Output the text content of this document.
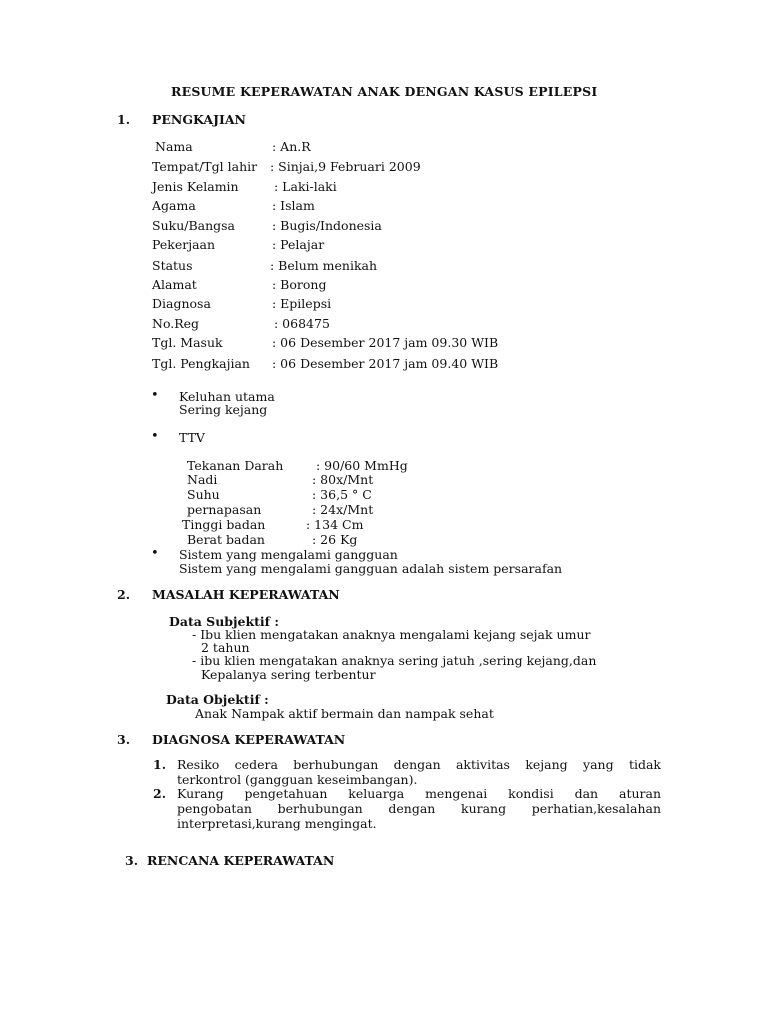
RESUME KEPERAWATAN ANAK DENGAN KASUS EPILEPSI
1.	PENGKAJIAN
Nama	: An.R
Tempat/Tgl lahir : Sinjai,9 Februari 2009
Jenis Kelamin	: Laki-laki
Agama	: Islam
Suku/Bangsa	: Bugis/Indonesia
Pekerjaan	: Pelajar
Status	: Belum menikah
Alamat	: Borong
Diagnosa	: Epilepsi
No.Reg	: 068475
Tgl. Masuk	: 06 Desember 2017 jam 09.30 WIB
Tgl. Pengkajian : 06 Desember 2017 jam 09.40 WIB
• Keluhan utama
Sering kejang
• TTV
Tekanan Darah	: 90/60 MmHg
Nadi	: 80x/Mnt
Suhu	: 36,5 ° C
pernapasan	: 24x/Mnt
Tinggi badan	: 134 Cm
Berat badan	: 26 Kg
• Sistem yang mengalami gangguan
Sistem yang mengalami gangguan adalah sistem persarafan
2.	MASALAH KEPERAWATAN
Data Subjektif :
- Ibu klien mengatakan anaknya mengalami kejang sejak umur
2 tahun
- ibu klien mengatakan anaknya sering jatuh ,sering kejang,dan
Kepalanya sering terbentur
Data Objektif :
Anak Nampak aktif bermain dan nampak sehat
3.	DIAGNOSA KEPERAWATAN
1. Resiko cedera berhubungan dengan aktivitas kejang yang tidak
terkontrol (gangguan keseimbangan).
2. Kurang pengetahuan keluarga mengenai kondisi dan aturan
pengobatan berhubungan dengan kurang perhatian,kesalahan
interpretasi,kurang mengingat.
3. RENCANA KEPERAWATAN
